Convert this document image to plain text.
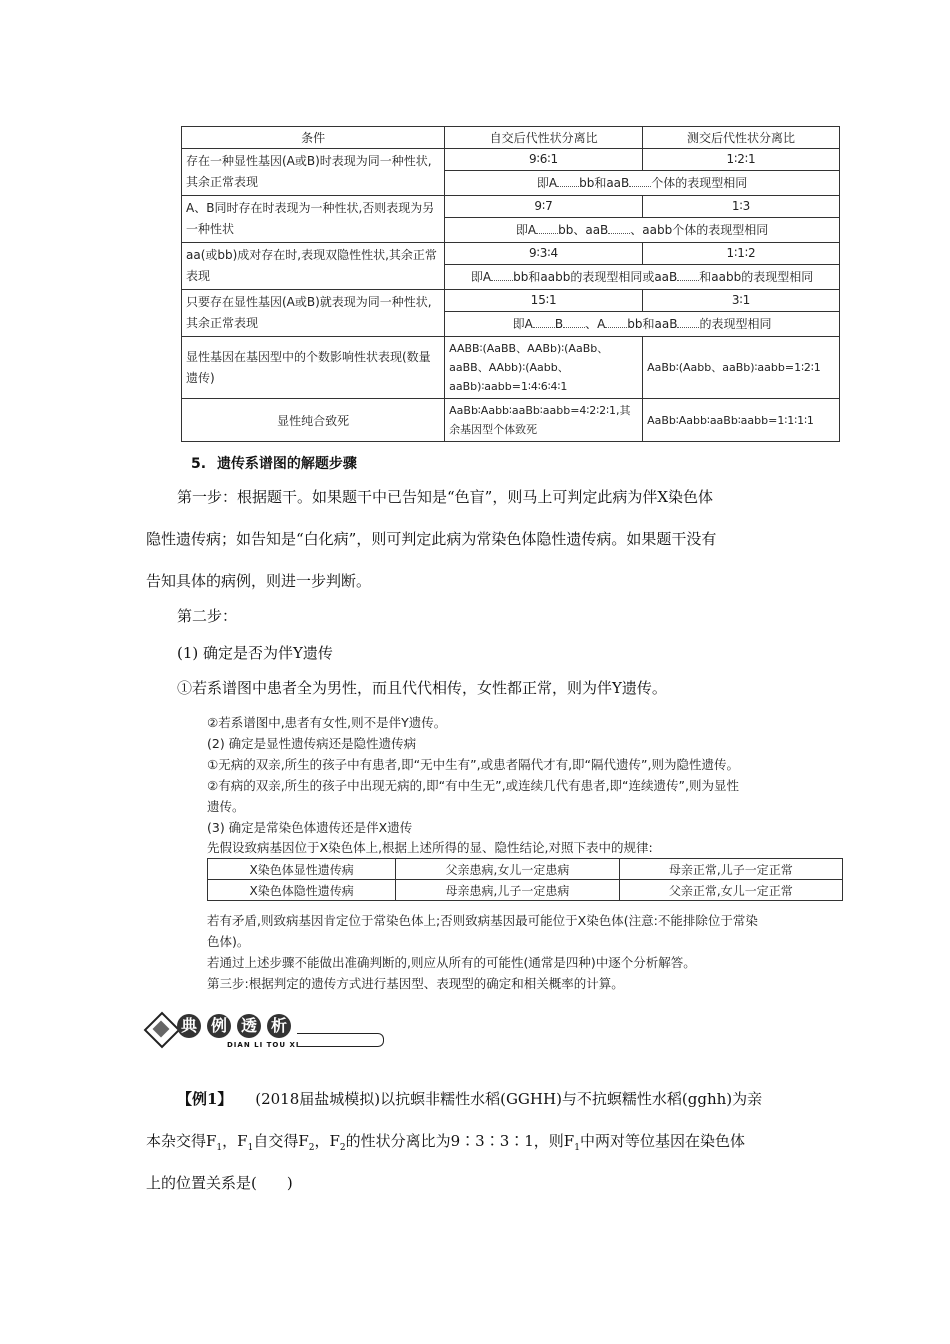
条件	自交后代性状分离比	测交后代性状分离比
存在一种显性基因(A或B)时表现为同一种性状,其余正常表现	9∶6∶1	1∶2∶1
	即A bb和aaB 个体的表现型相同	
A、B同时存在时表现为一种性状,否则表现为另一种性状	9∶7	1∶3
	即A bb、aaB 、aabb个体的表现型相同	
aa(或bb)成对存在时,表现双隐性性状,其余正常表现	9∶3∶4	1∶1∶2
	即A bb和aabb的表现型相同或aaB 和aabb的表现型相同	
只要存在显性基因(A或B)就表现为同一种性状,其余正常表现	15∶1	3∶1
	即A B 、A bb和aaB 的表现型相同	
显性基因在基因型中的个数影响性状表现(数量遗传)	AABB∶(AaBB、AABb)∶(AaBb、aaBB、AAbb)∶(Aabb、aaBb)∶aabb=1∶4∶6∶4∶1	AaBb∶(Aabb、aaBb)∶aabb=1∶2∶1
显性纯合致死	AaBb∶Aabb∶aaBb∶aabb=4∶2∶2∶1,其余基因型个体致死	AaBb∶Aabb∶aaBb∶aabb=1∶1∶1∶1
5. 遗传系谱图的解题步骤
第一步：根据题干。如果题干中已告知是“色盲”，则马上可判定此病为伴X染色体
隐性遗传病；如告知是“白化病”，则可判定此病为常染色体隐性遗传病。如果题干没有
告知具体的病例，则进一步判断。
第二步：
(1) 确定是否为伴Y遗传
①若系谱图中患者全为男性，而且代代相传，女性都正常，则为伴Y遗传。
②若系谱图中,患者有女性,则不是伴Y遗传。
(2) 确定是显性遗传病还是隐性遗传病
①无病的双亲,所生的孩子中有患者,即“无中生有”,或患者隔代才有,即“隔代遗传”,则为隐性遗传。
②有病的双亲,所生的孩子中出现无病的,即“有中生无”,或连续几代有患者,即“连续遗传”,则为显性
遗传。
(3) 确定是常染色体遗传还是伴X遗传
先假设致病基因位于X染色体上,根据上述所得的显、隐性结论,对照下表中的规律:
X染色体显性遗传病	父亲患病,女儿一定患病	母亲正常,儿子一定正常
X染色体隐性遗传病	母亲患病,儿子一定患病	父亲正常,女儿一定正常
若有矛盾,则致病基因肯定位于常染色体上;否则致病基因最可能位于X染色体(注意:不能排除位于常染
色体)。
若通过上述步骤不能做出准确判断的,则应从所有的可能性(通常是四种)中逐个分析解答。
第三步:根据判定的遗传方式进行基因型、表现型的确定和相关概率的计算。
典 例 透 析
DIAN LI TOU XI
【例1】 (2018届盐城模拟)以抗螟非糯性水稻(GGHH)与不抗螟糯性水稻(gghh)为亲
本杂交得$F_1$，$F_1$自交得$F_2$，$F_2$的性状分离比为9∶3∶3∶1，则$F_1$中两对等位基因在染色体
上的位置关系是(　　)
